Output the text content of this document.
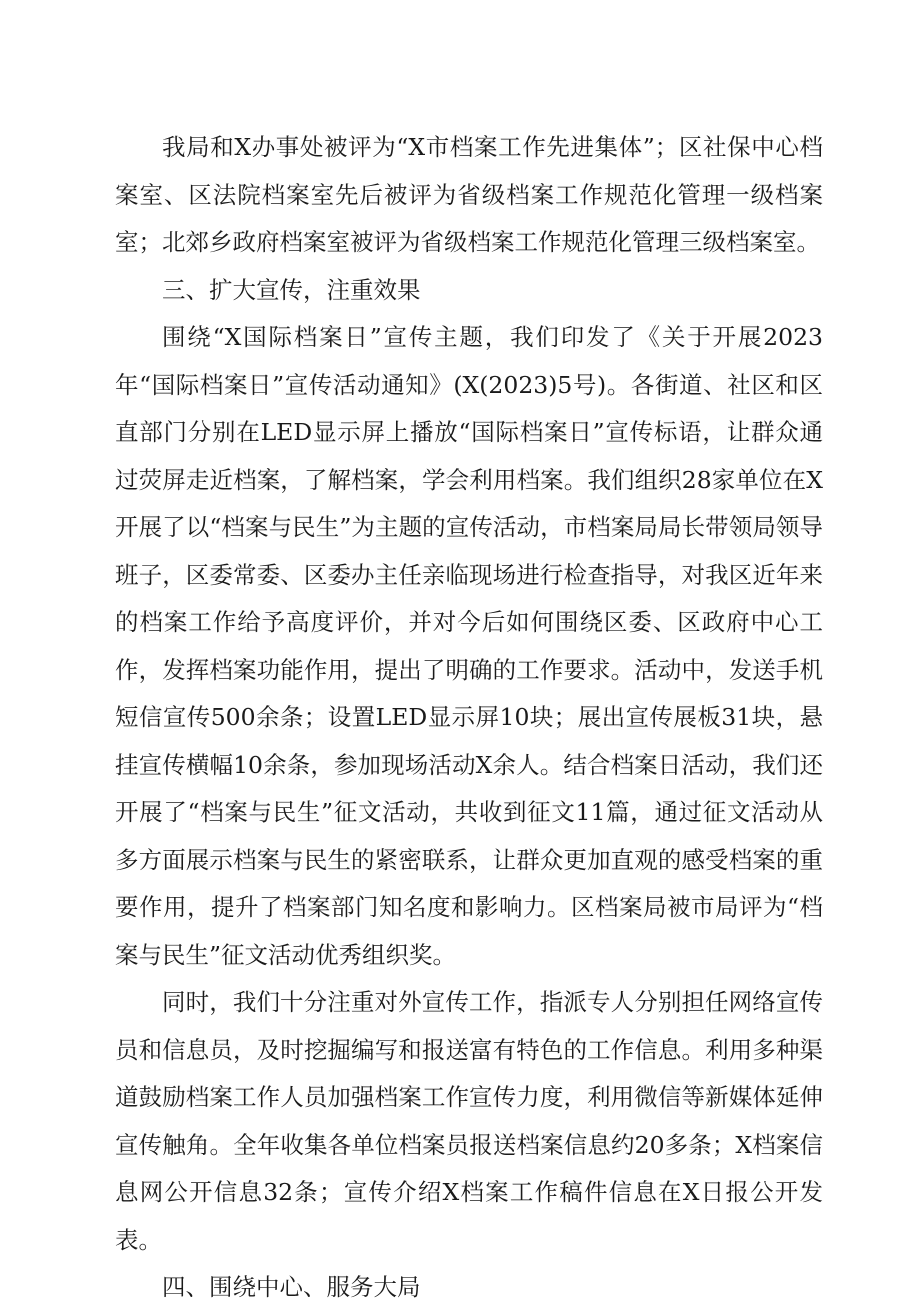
我局和X办事处被评为“X市档案工作先进集体”；区社保中心档案室、区法院档案室先后被评为省级档案工作规范化管理一级档案室；北郊乡政府档案室被评为省级档案工作规范化管理三级档案室。

三、扩大宣传，注重效果

围绕“X国际档案日”宣传主题，我们印发了《关于开展2023年“国际档案日”宣传活动通知》(X(2023)5号)。各街道、社区和区直部门分别在LED显示屏上播放“国际档案日”宣传标语，让群众通过荧屏走近档案，了解档案，学会利用档案。我们组织28家单位在X开展了以“档案与民生”为主题的宣传活动，市档案局局长带领局领导班子，区委常委、区委办主任亲临现场进行检查指导，对我区近年来的档案工作给予高度评价，并对今后如何围绕区委、区政府中心工作，发挥档案功能作用，提出了明确的工作要求。活动中，发送手机短信宣传500余条；设置LED显示屏10块；展出宣传展板31块，悬挂宣传横幅10余条，参加现场活动X余人。结合档案日活动，我们还开展了“档案与民生”征文活动，共收到征文11篇，通过征文活动从多方面展示档案与民生的紧密联系，让群众更加直观的感受档案的重要作用，提升了档案部门知名度和影响力。区档案局被市局评为“档案与民生”征文活动优秀组织奖。

同时，我们十分注重对外宣传工作，指派专人分别担任网络宣传员和信息员，及时挖掘编写和报送富有特色的工作信息。利用多种渠道鼓励档案工作人员加强档案工作宣传力度，利用微信等新媒体延伸宣传触角。全年收集各单位档案员报送档案信息约20多条；X档案信息网公开信息32条；宣传介绍X档案工作稿件信息在X日报公开发表。

四、围绕中心、服务大局
